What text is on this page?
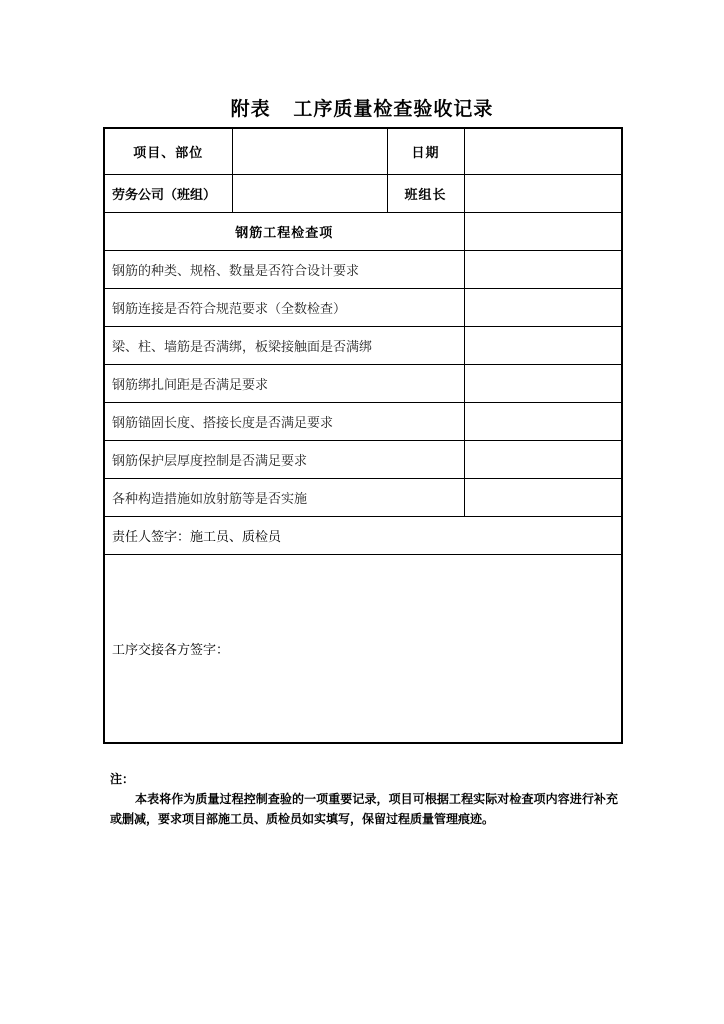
附表   工序质量检查验收记录
项目、部位		日期	
劳务公司（班组）		班组长	
钢筋工程检查项			
钢筋的种类、规格、数量是否符合设计要求			
钢筋连接是否符合规范要求（全数检查）			
梁、柱、墙筋是否满绑，板梁接触面是否满绑			
钢筋绑扎间距是否满足要求			
钢筋锚固长度、搭接长度是否满足要求			
钢筋保护层厚度控制是否满足要求			
各种构造措施如放射筋等是否实施			
责任人签字：施工员、质检员			
工序交接各方签字：			
注：
本表将作为质量过程控制查验的一项重要记录，项目可根据工程实际对检查项内容进行补充或删减，要求项目部施工员、质检员如实填写，保留过程质量管理痕迹。
